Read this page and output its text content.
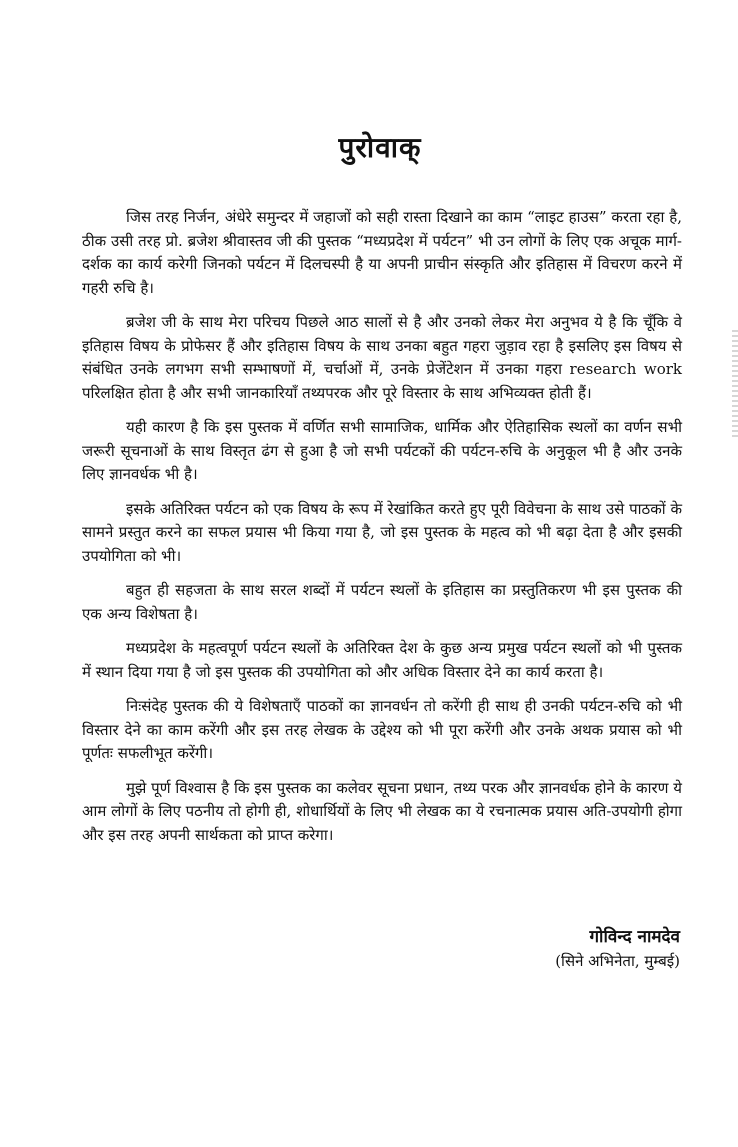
पुरोवाक्

जिस तरह निर्जन, अंधेरे समुन्दर में जहाजों को सही रास्ता दिखाने का काम “लाइट हाउस” करता रहा है, ठीक उसी तरह प्रो. ब्रजेश श्रीवास्तव जी की पुस्तक “मध्यप्रदेश में पर्यटन” भी उन लोगों के लिए एक अचूक मार्ग-दर्शक का कार्य करेगी जिनको पर्यटन में दिलचस्पी है या अपनी प्राचीन संस्कृति और इतिहास में विचरण करने में गहरी रुचि है।

ब्रजेश जी के साथ मेरा परिचय पिछले आठ सालों से है और उनको लेकर मेरा अनुभव ये है कि चूँकि वे इतिहास विषय के प्रोफेसर हैं और इतिहास विषय के साथ उनका बहुत गहरा जुड़ाव रहा है इसलिए इस विषय से संबंधित उनके लगभग सभी सम्भाषणों में, चर्चाओं में, उनके प्रेजेंटेशन में उनका गहरा research work परिलक्षित होता है और सभी जानकारियाँ तथ्यपरक और पूरे विस्तार के साथ अभिव्यक्त होती हैं।

यही कारण है कि इस पुस्तक में वर्णित सभी सामाजिक, धार्मिक और ऐतिहासिक स्थलों का वर्णन सभी जरूरी सूचनाओं के साथ विस्तृत ढंग से हुआ है जो सभी पर्यटकों की पर्यटन-रुचि के अनुकूल भी है और उनके लिए ज्ञानवर्धक भी है।

इसके अतिरिक्त पर्यटन को एक विषय के रूप में रेखांकित करते हुए पूरी विवेचना के साथ उसे पाठकों के सामने प्रस्तुत करने का सफल प्रयास भी किया गया है, जो इस पुस्तक के महत्व को भी बढ़ा देता है और इसकी उपयोगिता को भी।

बहुत ही सहजता के साथ सरल शब्दों में पर्यटन स्थलों के इतिहास का प्रस्तुतिकरण भी इस पुस्तक की एक अन्य विशेषता है।

मध्यप्रदेश के महत्वपूर्ण पर्यटन स्थलों के अतिरिक्त देश के कुछ अन्य प्रमुख पर्यटन स्थलों को भी पुस्तक में स्थान दिया गया है जो इस पुस्तक की उपयोगिता को और अधिक विस्तार देने का कार्य करता है।

निःसंदेह पुस्तक की ये विशेषताएँ पाठकों का ज्ञानवर्धन तो करेंगी ही साथ ही उनकी पर्यटन-रुचि को भी विस्तार देने का काम करेंगी और इस तरह लेखक के उद्देश्य को भी पूरा करेंगी और उनके अथक प्रयास को भी पूर्णतः सफलीभूत करेंगी।

मुझे पूर्ण विश्वास है कि इस पुस्तक का कलेवर सूचना प्रधान, तथ्य परक और ज्ञानवर्धक होने के कारण ये आम लोगों के लिए पठनीय तो होगी ही, शोधार्थियों के लिए भी लेखक का ये रचनात्मक प्रयास अति-उपयोगी होगा और इस तरह अपनी सार्थकता को प्राप्त करेगा।

गोविन्द नामदेव
(सिने अभिनेता, मुम्बई)
